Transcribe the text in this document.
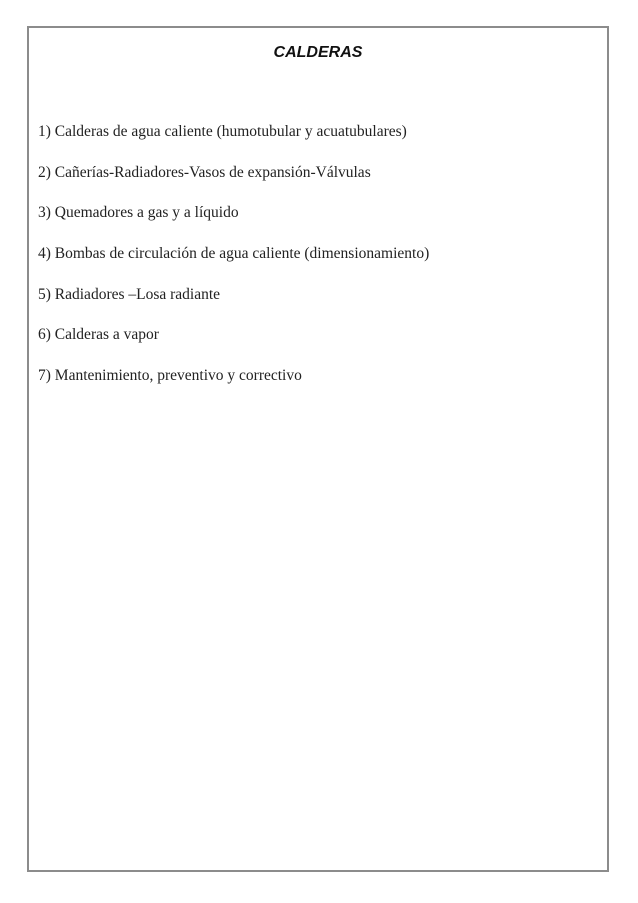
CALDERAS
1) Calderas de agua caliente (humotubular y acuatubulares)
2) Cañerías-Radiadores-Vasos de expansión-Válvulas
3) Quemadores a gas y a líquido
4) Bombas de circulación de agua caliente (dimensionamiento)
5) Radiadores –Losa radiante
6) Calderas a vapor
7) Mantenimiento, preventivo y correctivo
